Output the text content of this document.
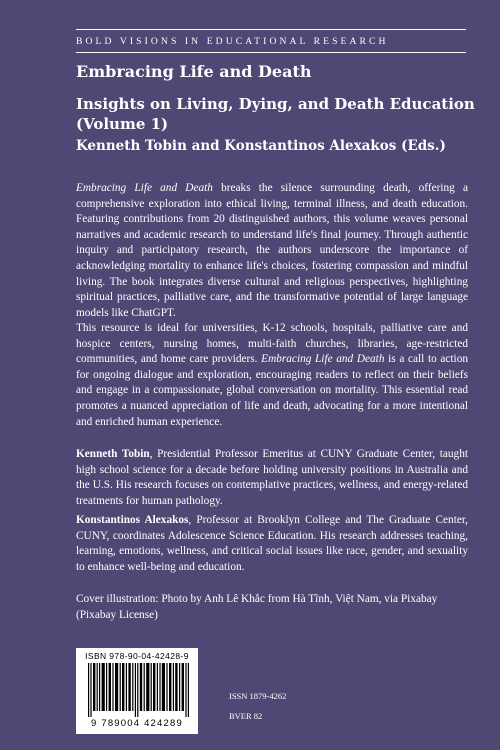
BOLD VISIONS IN EDUCATIONAL RESEARCH
Embracing Life and Death
Insights on Living, Dying, and Death Education
(Volume 1)
Kenneth Tobin and Konstantinos Alexakos (Eds.)

Embracing Life and Death breaks the silence surrounding death, offering a comprehensive exploration into ethical living, terminal illness, and death education. Featuring contributions from 20 distinguished authors, this volume weaves personal narratives and academic research to understand life's final journey. Through authentic inquiry and participatory research, the authors underscore the importance of acknowledging mortality to enhance life's choices, fostering compassion and mindful living. The book integrates diverse cultural and religious perspectives, highlighting spiritual practices, palliative care, and the transformative potential of large language models like ChatGPT.

This resource is ideal for universities, K-12 schools, hospitals, palliative care and hospice centers, nursing homes, multi-faith churches, libraries, age-restricted communities, and home care providers. Embracing Life and Death is a call to action for ongoing dialogue and exploration, encouraging readers to reflect on their beliefs and engage in a compassionate, global conversation on mortality. This essential read promotes a nuanced appreciation of life and death, advocating for a more intentional and enriched human experience.

Kenneth Tobin, Presidential Professor Emeritus at CUNY Graduate Center, taught high school science for a decade before holding university positions in Australia and the U.S. His research focuses on contemplative practices, wellness, and energy-related treatments for human pathology.

Konstantinos Alexakos, Professor at Brooklyn College and The Graduate Center, CUNY, coordinates Adolescence Science Education. His research addresses teaching, learning, emotions, wellness, and critical social issues like race, gender, and sexuality to enhance well-being and education.

Cover illustration: Photo by Anh Lê Khắc from Hà Tĩnh, Việt Nam, via Pixabay (Pixabay License)

ISBN 978-90-04-42428-9
9 789004 424289
ISSN 1879-4262
BVER 82
